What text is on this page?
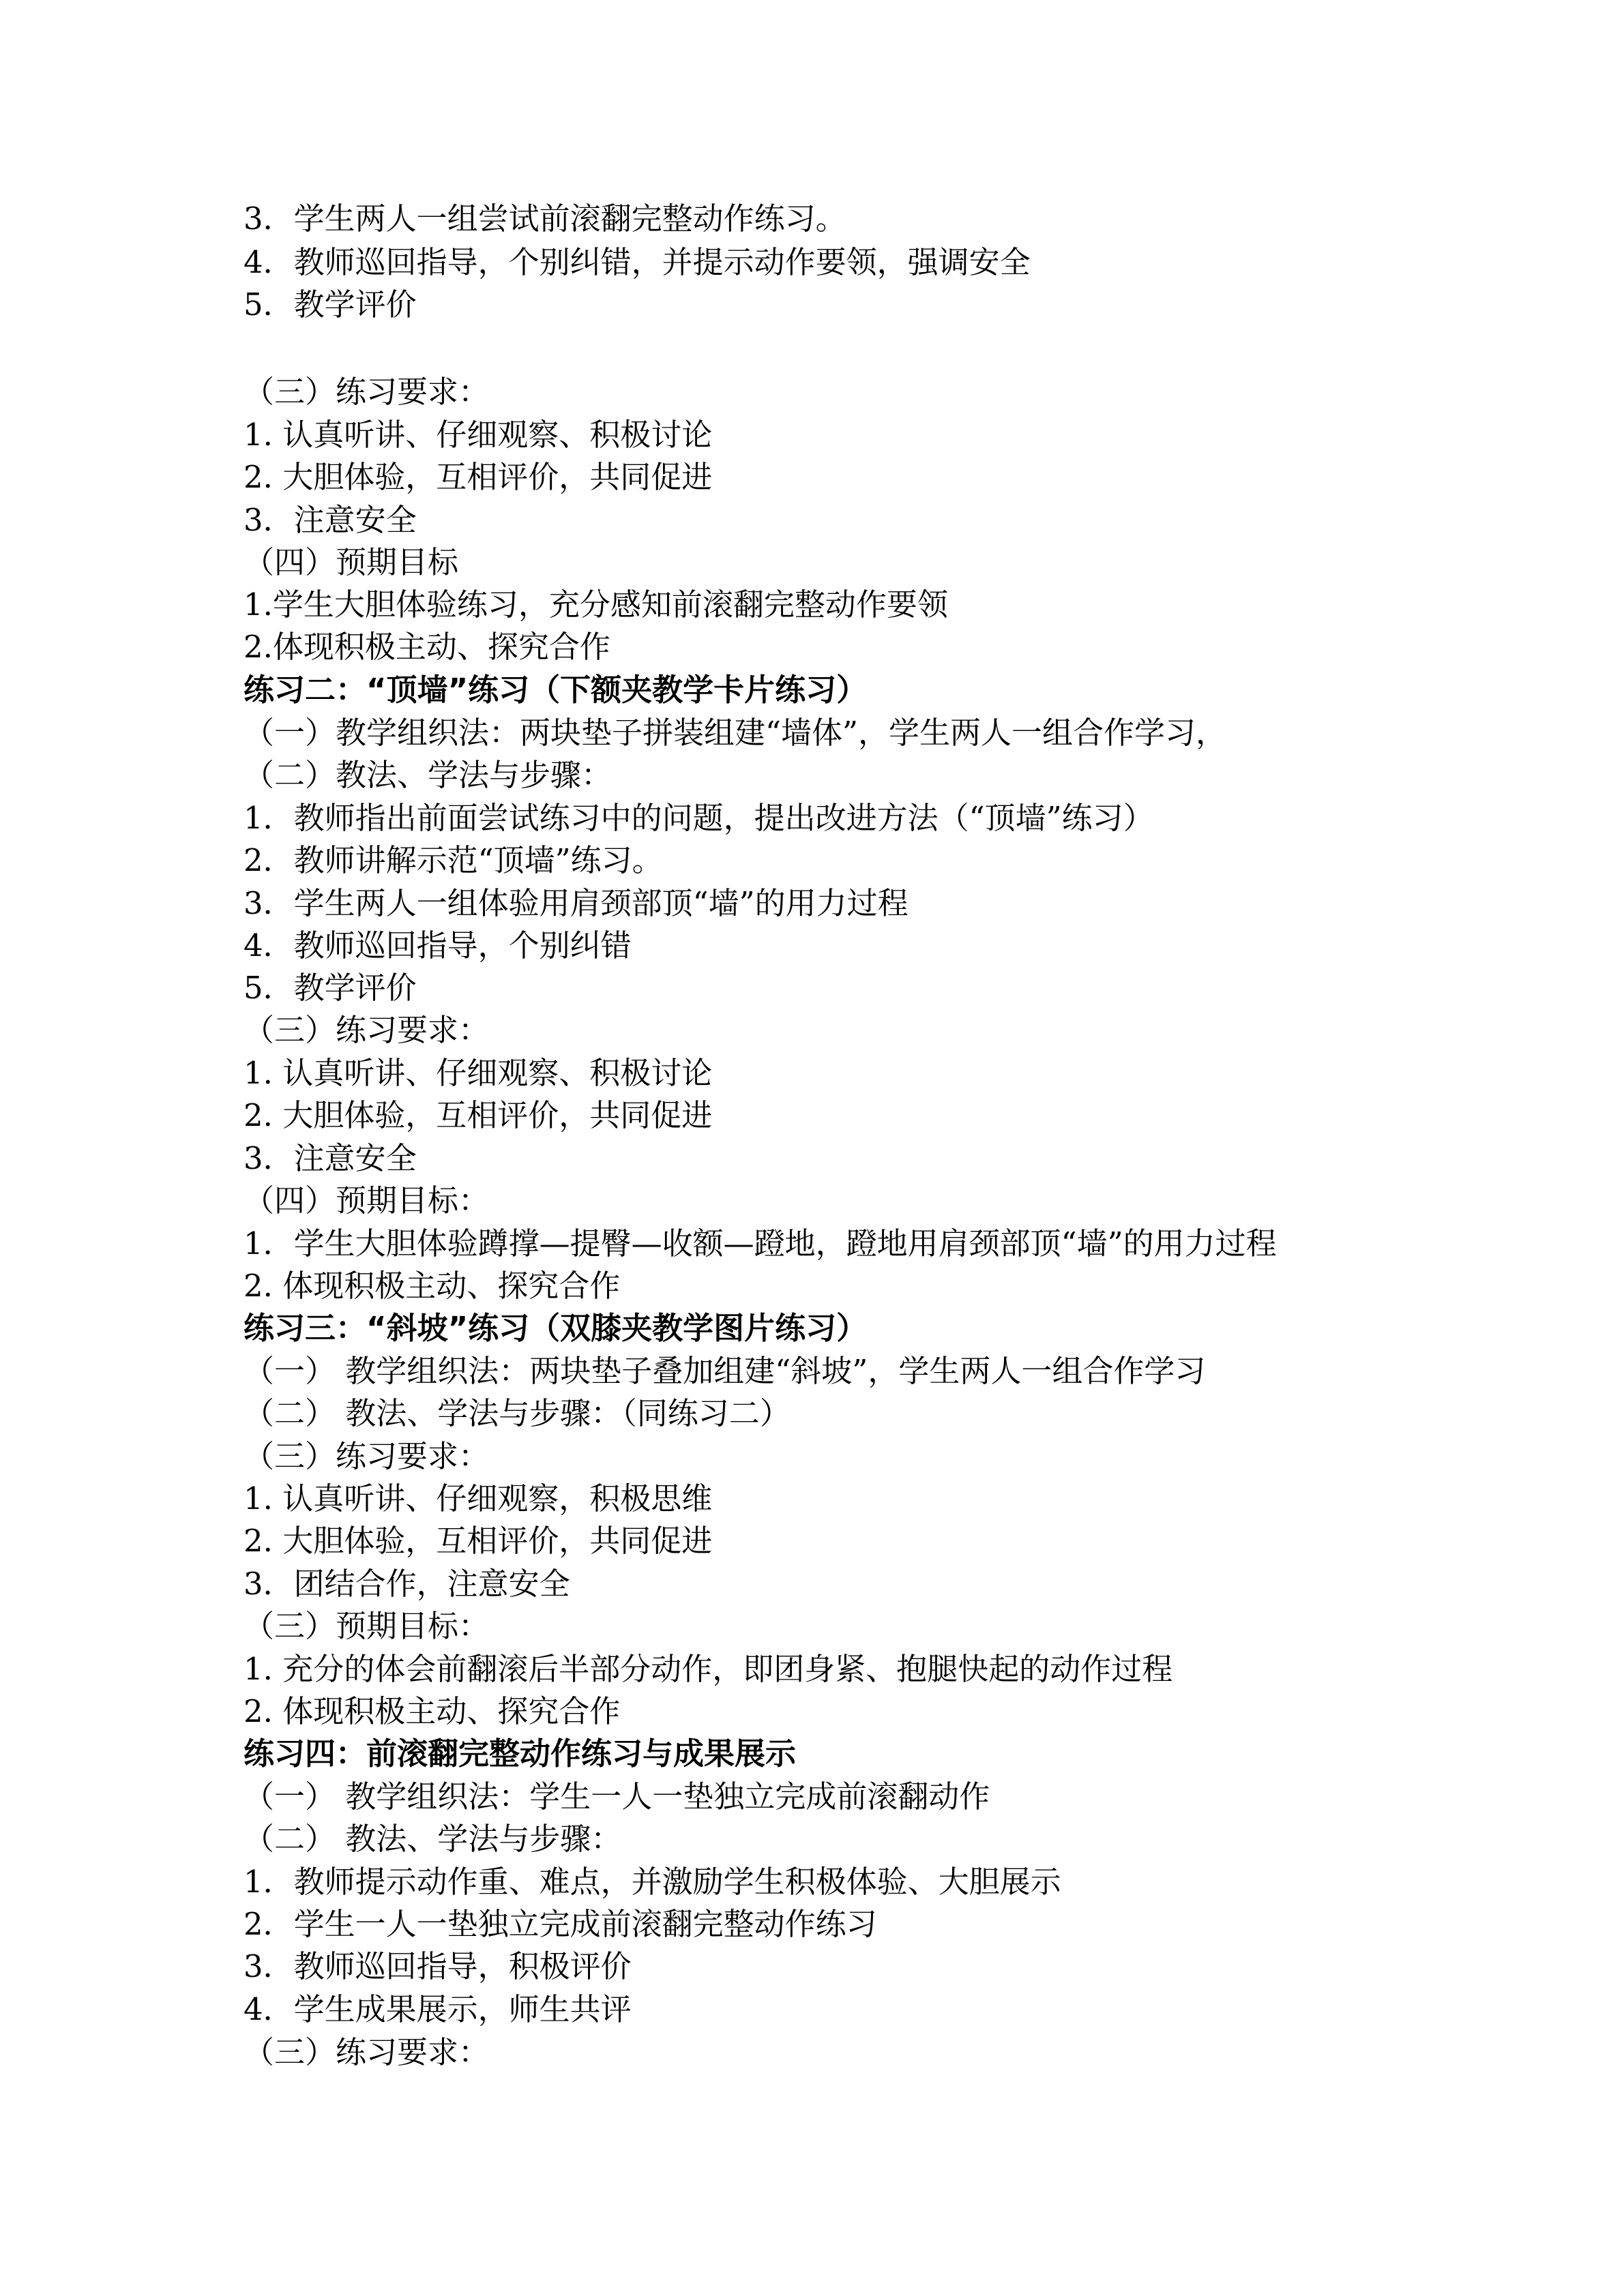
3．学生两人一组尝试前滚翻完整动作练习。

4．教师巡回指导，个别纠错，并提示动作要领，强调安全

5．教学评价

（三）练习要求：

1. 认真听讲、仔细观察、积极讨论

2. 大胆体验，互相评价，共同促进

3．注意安全

（四）预期目标

1.学生大胆体验练习，充分感知前滚翻完整动作要领

2.体现积极主动、探究合作

练习二：“顶墙”练习（下额夹教学卡片练习）

（一）教学组织法：两块垫子拼装组建“墙体”，学生两人一组合作学习，

（二）教法、学法与步骤：

1．教师指出前面尝试练习中的问题，提出改进方法（“顶墙”练习）

2．教师讲解示范“顶墙”练习。

3．学生两人一组体验用肩颈部顶“墙”的用力过程

4．教师巡回指导，个别纠错

5．教学评价

（三）练习要求：

1. 认真听讲、仔细观察、积极讨论

2. 大胆体验，互相评价，共同促进

3．注意安全

（四）预期目标：

1．学生大胆体验蹲撑—提臀—收额—蹬地，蹬地用肩颈部顶“墙”的用力过程

2. 体现积极主动、探究合作

练习三：“斜坡”练习（双膝夹教学图片练习）

（一） 教学组织法：两块垫子叠加组建“斜坡”，学生两人一组合作学习

（二） 教法、学法与步骤：（同练习二）

（三）练习要求：

1. 认真听讲、仔细观察，积极思维

2. 大胆体验，互相评价，共同促进

3．团结合作，注意安全

（三）预期目标：

1. 充分的体会前翻滚后半部分动作，即团身紧、抱腿快起的动作过程

2. 体现积极主动、探究合作

练习四：前滚翻完整动作练习与成果展示

（一） 教学组织法：学生一人一垫独立完成前滚翻动作

（二） 教法、学法与步骤：

1．教师提示动作重、难点，并激励学生积极体验、大胆展示

2．学生一人一垫独立完成前滚翻完整动作练习

3．教师巡回指导，积极评价

4．学生成果展示，师生共评

（三）练习要求：
